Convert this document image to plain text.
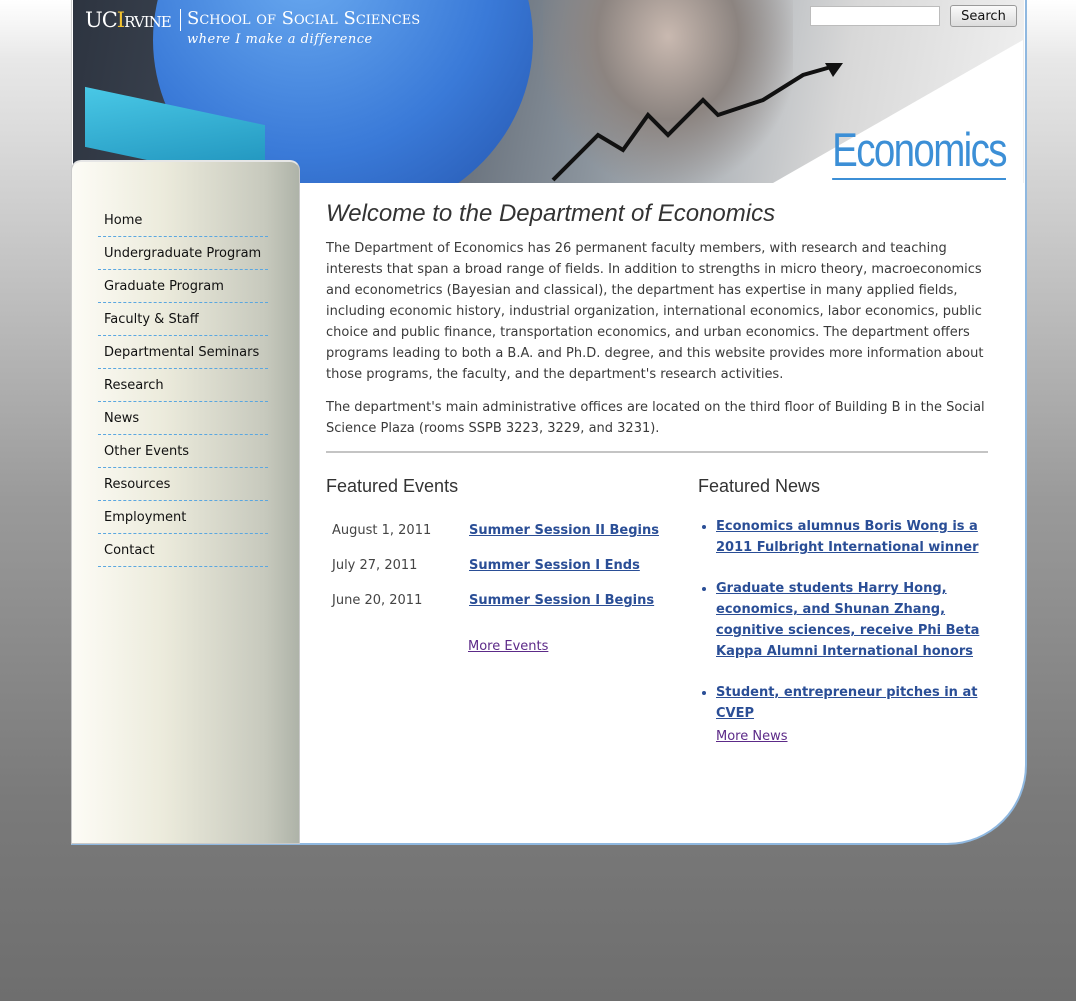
UCIRVINE School of Social Sciences
where I make a difference
Search
Economics
Home
Undergraduate Program
Graduate Program
Faculty & Staff
Departmental Seminars
Research
News
Other Events
Resources
Employment
Contact
Welcome to the Department of Economics

The Department of Economics has 26 permanent faculty members, with research and teaching interests that span a broad range of fields. In addition to strengths in micro theory, macroeconomics and econometrics (Bayesian and classical), the department has expertise in many applied fields, including economic history, industrial organization, international economics, labor economics, public choice and public finance, transportation economics, and urban economics. The department offers programs leading to both a B.A. and Ph.D. degree, and this website provides more information about those programs, the faculty, and the department's research activities.

The department's main administrative offices are located on the third floor of Building B in the Social Science Plaza (rooms SSPB 3223, 3229, and 3231).

Featured Events
August 1, 2011	Summer Session II Begins
July 27, 2011	Summer Session I Ends
June 20, 2011	Summer Session I Begins
More Events
Featured News
• Economics alumnus Boris Wong is a 2011 Fulbright International winner
• Graduate students Harry Hong, economics, and Shunan Zhang, cognitive sciences, receive Phi Beta Kappa Alumni International honors
• Student, entrepreneur pitches in at CVEP
More News
